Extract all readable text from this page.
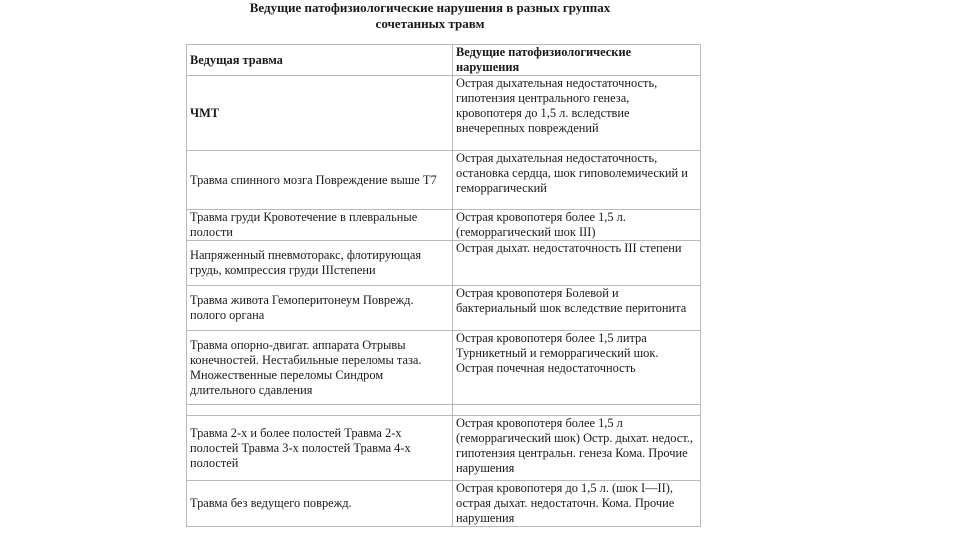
Ведущие патофизиологические нарушения в разных группах
сочетанных травм
Ведущая травма	Ведущие патофизиологические нарушения
ЧМТ	Острая дыхательная недостаточность, гипотензия центрального генеза, кровопотеря до 1,5 л. вследствие внечерепных повреждений
Травма спинного мозга Повреждение выше T7	Острая дыхательная недостаточность, остановка сердца, шок гиповолемический и геморрагический
Травма груди Кровотечение в плевральные полости	Острая кровопотеря более 1,5 л. (геморрагический шок III)
Напряженный пневмоторакс, флотирующая грудь, компрессия груди IIIстепени	Острая дыхат. недостаточность III степени
Травма живота Гемоперитонеум Поврежд. полого органа	Острая кровопотеря Болевой и бактериальный шок вследствие перитонита
Травма опорно-двигат. аппарата Отрывы конечностей. Нестабильные переломы таза. Множественные переломы Синдром длительного сдавления	Острая кровопотеря более 1,5 литра Турникетный и геморрагический шок. Острая почечная недостаточность

Травма 2-х и более полостей Травма 2-х полостей Травма 3-х полостей Травма 4-х полостей	Острая кровопотеря более 1,5 л (геморрагический шок) Остр. дыхат. недост., гипотензия центральн. генеза Кома. Прочие нарушения
Травма без ведущего поврежд.	Острая кровопотеря до 1,5 л. (шок I—II), острая дыхат. недостаточн. Кома. Прочие нарушения
